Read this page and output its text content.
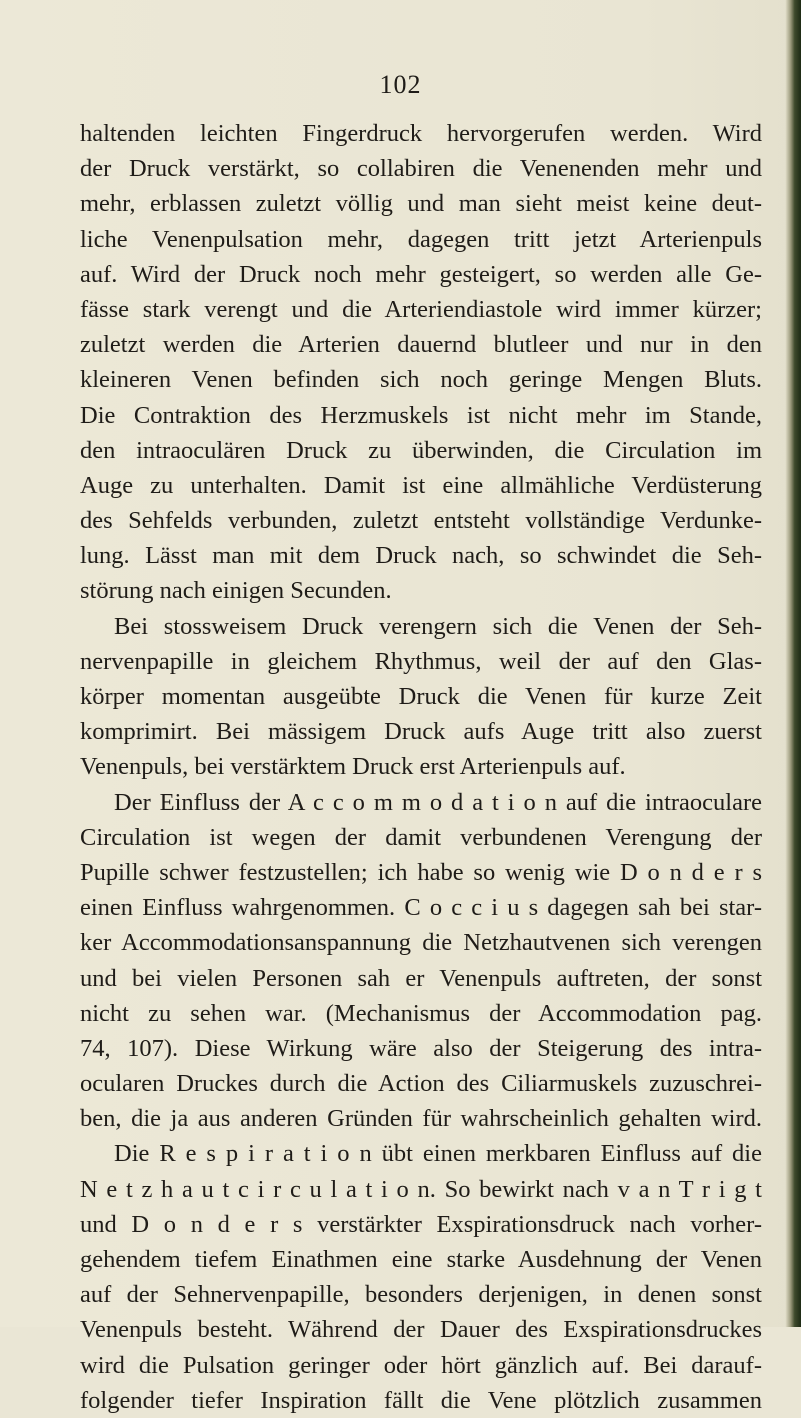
102
haltenden leichten Fingerdruck hervorgerufen werden. Wird
der Druck verstärkt, so collabiren die Venenenden mehr und
mehr, erblassen zuletzt völlig und man sieht meist keine deut-
liche Venenpulsation mehr, dagegen tritt jetzt Arterienpuls
auf. Wird der Druck noch mehr gesteigert, so werden alle Ge-
fässe stark verengt und die Arteriendiastole wird immer kürzer;
zuletzt werden die Arterien dauernd blutleer und nur in den
kleineren Venen befinden sich noch geringe Mengen Bluts.
Die Contraktion des Herzmuskels ist nicht mehr im Stande,
den intraoculären Druck zu überwinden, die Circulation im
Auge zu unterhalten. Damit ist eine allmähliche Verdüsterung
des Sehfelds verbunden, zuletzt entsteht vollständige Verdunke-
lung. Lässt man mit dem Druck nach, so schwindet die Seh-
störung nach einigen Secunden.
Bei stossweisem Druck verengern sich die Venen der Seh-
nervenpapille in gleichem Rhythmus, weil der auf den Glas-
körper momentan ausgeübte Druck die Venen für kurze Zeit
komprimirt. Bei mässigem Druck aufs Auge tritt also zuerst
Venenpuls, bei verstärktem Druck erst Arterienpuls auf.
Der Einfluss der A c c o m m o d a t i o n auf die intraoculare
Circulation ist wegen der damit verbundenen Verengung der
Pupille schwer festzustellen; ich habe so wenig wie D o n d e r s
einen Einfluss wahrgenommen. C o c c i u s dagegen sah bei star-
ker Accommodationsanspannung die Netzhautvenen sich verengen
und bei vielen Personen sah er Venenpuls auftreten, der sonst
nicht zu sehen war. (Mechanismus der Accommodation pag.
74, 107). Diese Wirkung wäre also der Steigerung des intra-
ocularen Druckes durch die Action des Ciliarmuskels zuzuschrei-
ben, die ja aus anderen Gründen für wahrscheinlich gehalten wird.
Die R e s p i r a t i o n übt einen merkbaren Einfluss auf die
N e t z h a u t c i r c u l a t i o n. So bewirkt nach v a n T r i g t
und D o n d e r s verstärkter Exspirationsdruck nach vorher-
gehendem tiefem Einathmen eine starke Ausdehnung der Venen
auf der Sehnervenpapille, besonders derjenigen, in denen sonst
Venenpuls besteht. Während der Dauer des Exspirationsdruckes
wird die Pulsation geringer oder hört gänzlich auf. Bei darauf-
folgender tiefer Inspiration fällt die Vene plötzlich zusammen
